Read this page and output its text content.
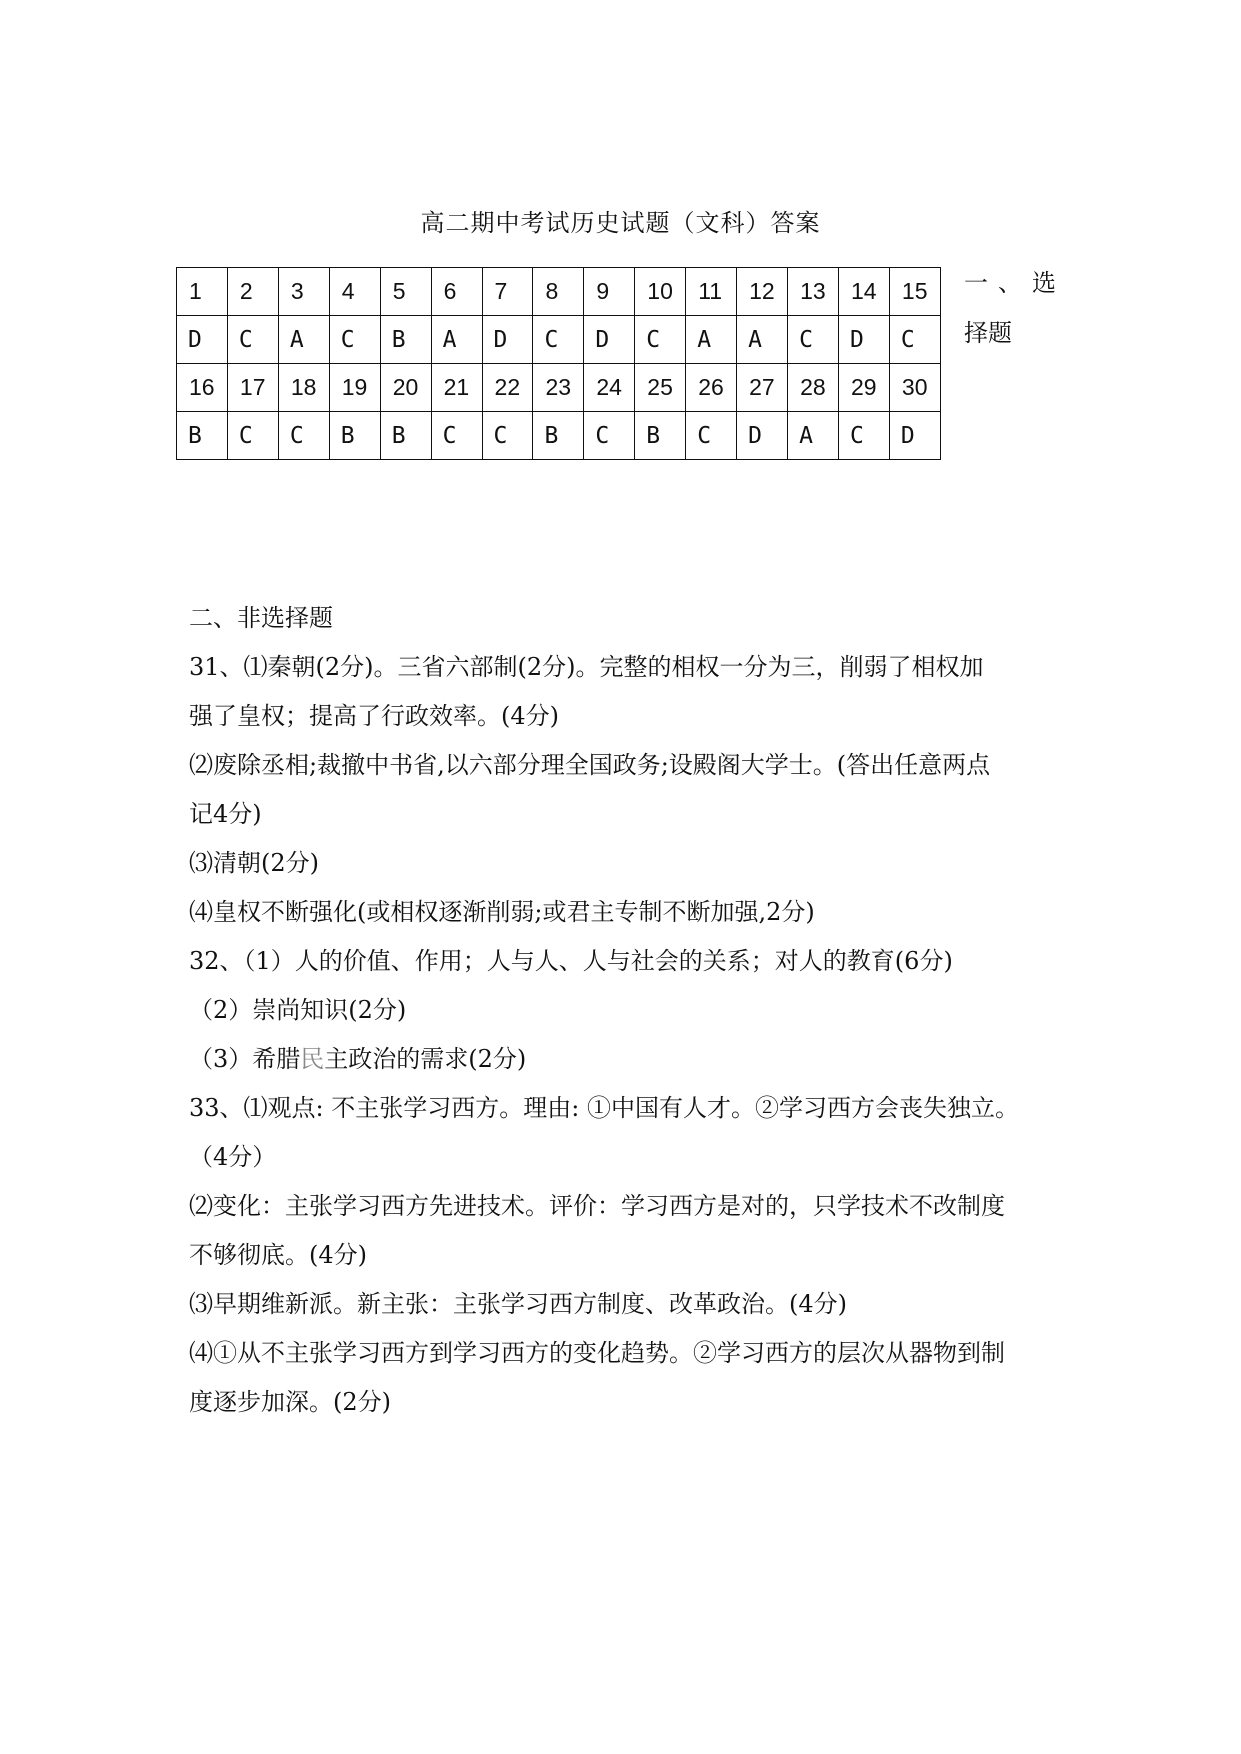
高二期中考试历史试题（文科）答案
1	2	3	4	5	6	7	8	9	10	11	12	13	14	15
D	C	A	C	B	A	D	C	D	C	A	A	C	D	C
16	17	18	19	20	21	22	23	24	25	26	27	28	29	30
B	C	C	B	B	C	C	B	C	B	C	D	A	C	D
一 、 选
择题

二、非选择题

31、⑴秦朝(2分)。三省六部制(2分)。完整的相权一分为三，削弱了相权加

强了皇权；提高了行政效率。(4分)

⑵废除丞相;裁撤中书省,以六部分理全国政务;设殿阁大学士。(答出任意两点

记4分)

⑶清朝(2分)

⑷皇权不断强化(或相权逐渐削弱;或君主专制不断加强,2分)

32、（1）人的价值、作用；人与人、人与社会的关系；对人的教育(6分)

（2）崇尚知识(2分)

（3）希腊民主政治的需求(2分)

33、⑴观点: 不主张学习西方。理由: ①中国有人才。②学习西方会丧失独立。

（4分）

⑵变化：主张学习西方先进技术。评价：学习西方是对的，只学技术不改制度

不够彻底。(4分)

⑶早期维新派。新主张：主张学习西方制度、改革政治。(4分)

⑷①从不主张学习西方到学习西方的变化趋势。②学习西方的层次从器物到制

度逐步加深。(2分)
